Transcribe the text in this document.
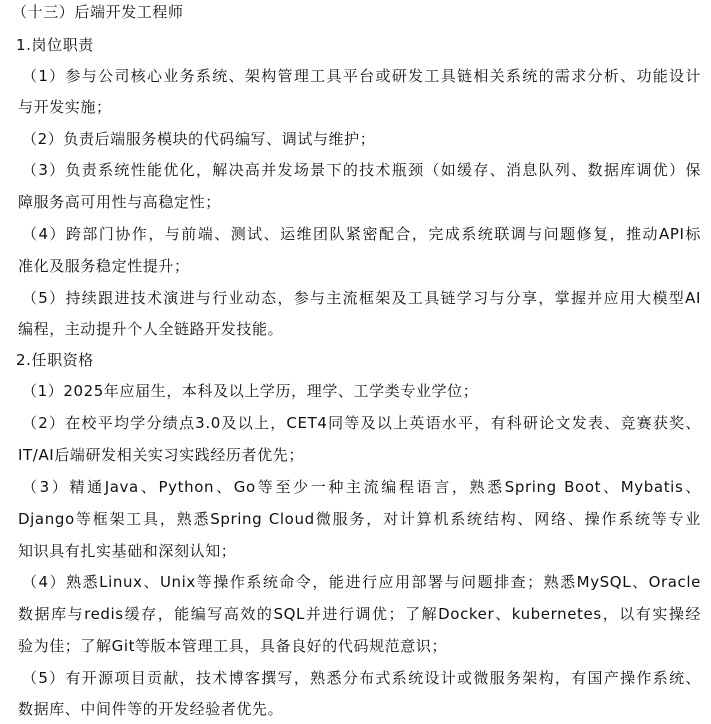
（十三）后端开发工程师
1.岗位职责
（1）参与公司核心业务系统、架构管理工具平台或研发工具链相关系统的需求分析、功能设计
与开发实施；
（2）负责后端服务模块的代码编写、调试与维护；
（3）负责系统性能优化，解决高并发场景下的技术瓶颈（如缓存、消息队列、数据库调优）保
障服务高可用性与高稳定性；
（4）跨部门协作，与前端、测试、运维团队紧密配合，完成系统联调与问题修复，推动API标
准化及服务稳定性提升；
（5）持续跟进技术演进与行业动态，参与主流框架及工具链学习与分享，掌握并应用大模型AI
编程，主动提升个人全链路开发技能。
2.任职资格
（1）2025年应届生，本科及以上学历，理学、工学类专业学位；
（2）在校平均学分绩点3.0及以上，CET4同等及以上英语水平，有科研论文发表、竞赛获奖、
IT/AI后端研发相关实习实践经历者优先；
（3）精通Java、Python、Go等至少一种主流编程语言，熟悉Spring Boot、Mybatis、
Django等框架工具，熟悉Spring Cloud微服务，对计算机系统结构、网络、操作系统等专业
知识具有扎实基础和深刻认知；
（4）熟悉Linux、Unix等操作系统命令，能进行应用部署与问题排查；熟悉MySQL、Oracle
数据库与redis缓存，能编写高效的SQL并进行调优；了解Docker、kubernetes，以有实操经
验为佳；了解Git等版本管理工具，具备良好的代码规范意识；
（5）有开源项目贡献，技术博客撰写，熟悉分布式系统设计或微服务架构，有国产操作系统、
数据库、中间件等的开发经验者优先。
